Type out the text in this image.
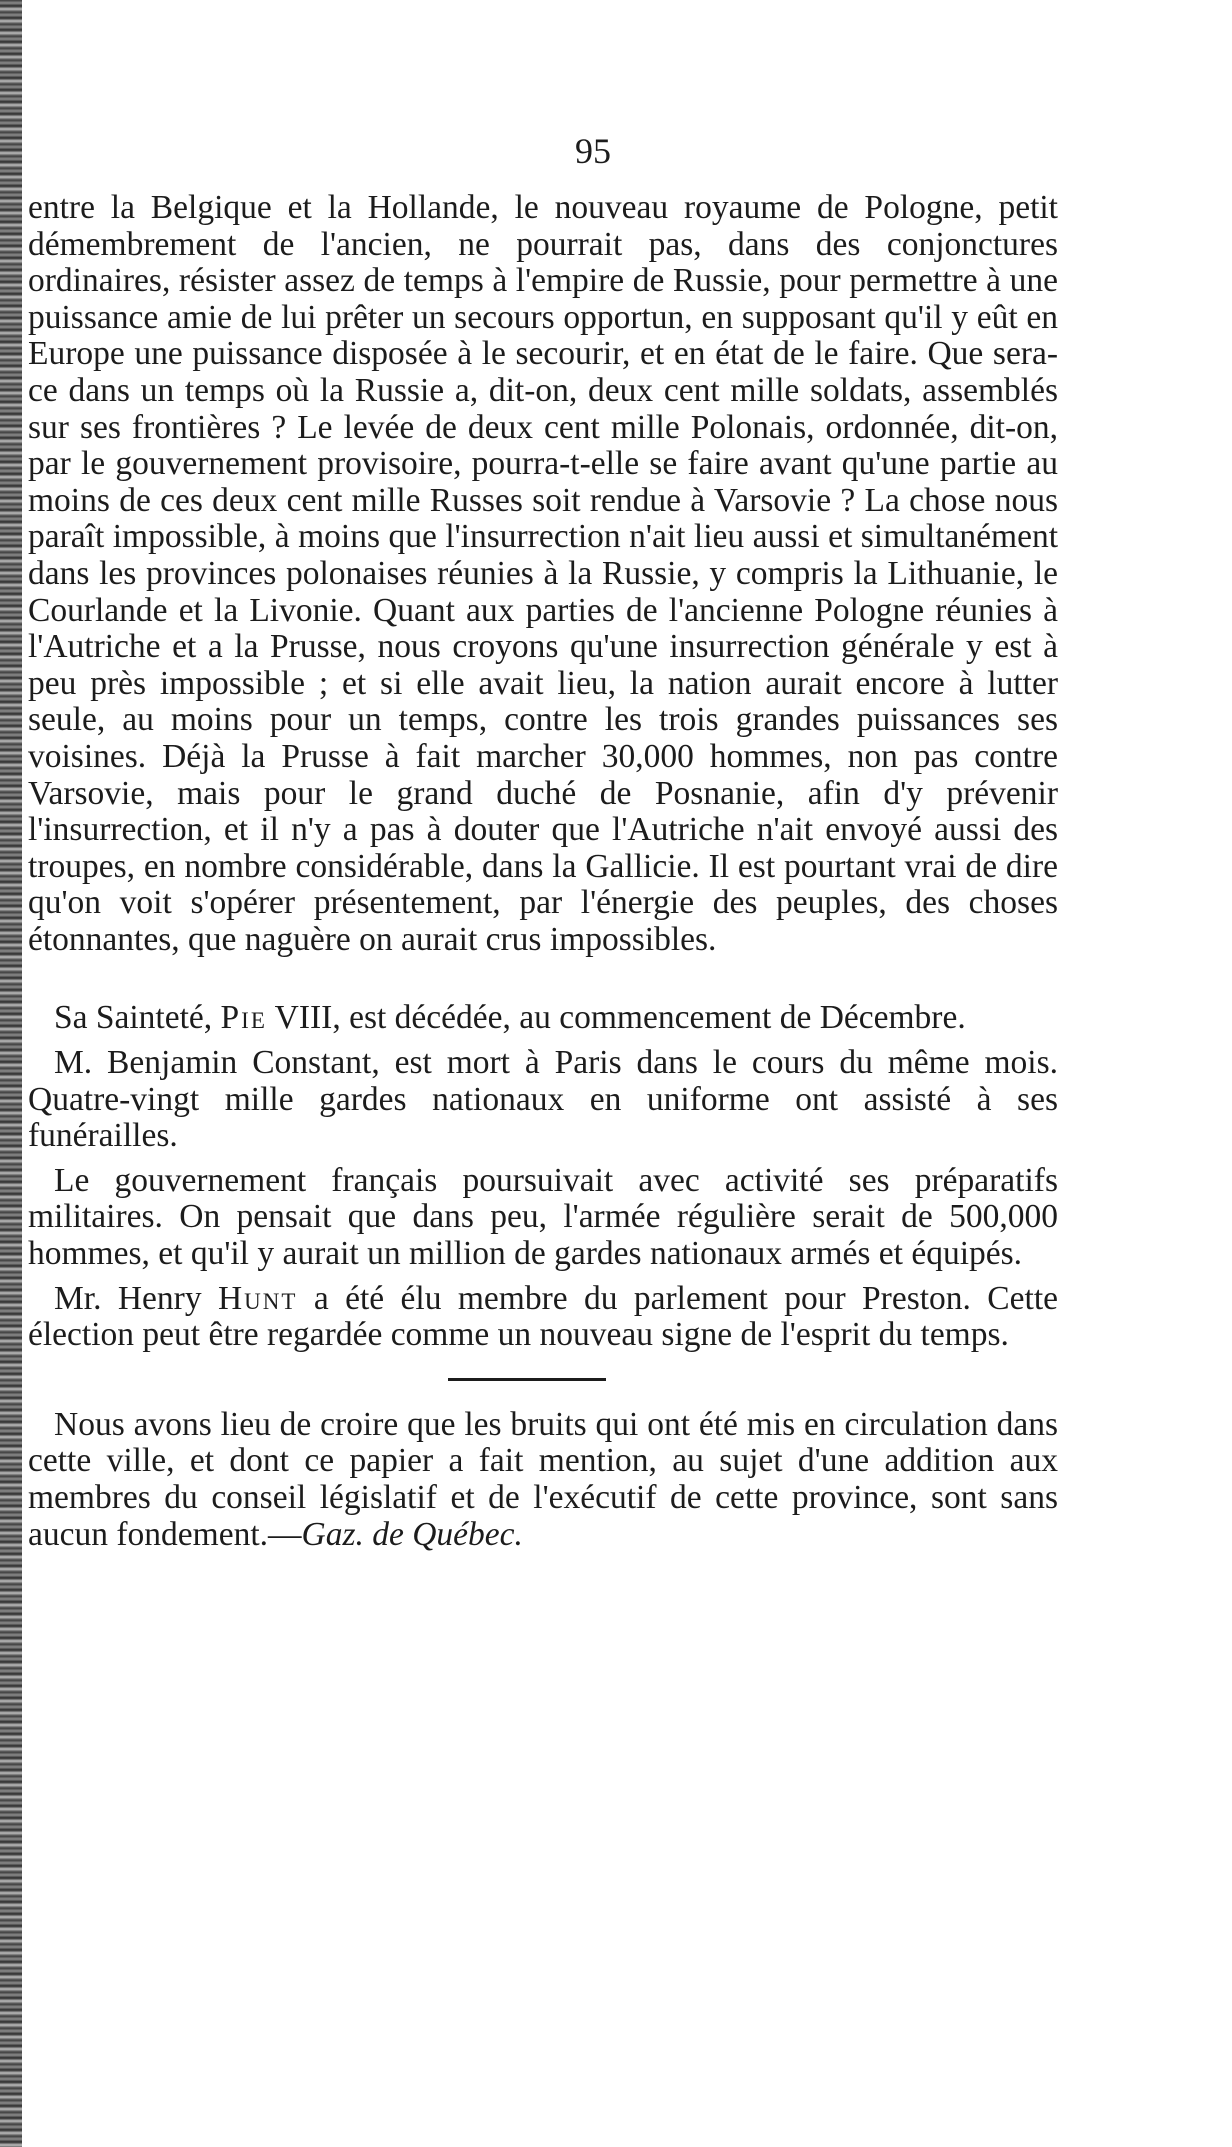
95

entre la Belgique et la Hollande, le nouveau royaume de Pologne, petit démembrement de l'ancien, ne pourrait pas, dans des conjonctures ordinaires, résister assez de temps à l'empire de Russie, pour permettre à une puissance amie de lui prêter un secours opportun, en supposant qu'il y eût en Europe une puissance disposée à le secourir, et en état de le faire. Que sera-ce dans un temps où la Russie a, dit-on, deux cent mille soldats, assemblés sur ses frontières ? Le levée de deux cent mille Polonais, ordonnée, dit-on, par le gouvernement provisoire, pourra-t-elle se faire avant qu'une partie au moins de ces deux cent mille Russes soit rendue à Varsovie ? La chose nous paraît impossible, à moins que l'insurrection n'ait lieu aussi et simultanément dans les provinces polonaises réunies à la Russie, y compris la Lithuanie, le Courlande et la Livonie. Quant aux parties de l'ancienne Pologne réunies à l'Autriche et a la Prusse, nous croyons qu'une insurrection générale y est à peu près impossible ; et si elle avait lieu, la nation aurait encore à lutter seule, au moins pour un temps, contre les trois grandes puissances ses voisines. Déjà la Prusse à fait marcher 30,000 hommes, non pas contre Varsovie, mais pour le grand duché de Posnanie, afin d'y prévenir l'insurrection, et il n'y a pas à douter que l'Autriche n'ait envoyé aussi des troupes, en nombre considérable, dans la Gallicie. Il est pourtant vrai de dire qu'on voit s'opérer présentement, par l'énergie des peuples, des choses étonnantes, que naguère on aurait crus impossibles.

Sa Sainteté, Pie VIII, est décédée, au commencement de Décembre.

M. Benjamin Constant, est mort à Paris dans le cours du même mois. Quatre-vingt mille gardes nationaux en uniforme ont assisté à ses funérailles.

Le gouvernement français poursuivait avec activité ses préparatifs militaires. On pensait que dans peu, l'armée régulière serait de 500,000 hommes, et qu'il y aurait un million de gardes nationaux armés et équipés.

Mr. Henry Hunt a été élu membre du parlement pour Preston. Cette élection peut être regardée comme un nouveau signe de l'esprit du temps.

Nous avons lieu de croire que les bruits qui ont été mis en circulation dans cette ville, et dont ce papier a fait mention, au sujet d'une addition aux membres du conseil législatif et de l'exécutif de cette province, sont sans aucun fondement.—Gaz. de Québec.
